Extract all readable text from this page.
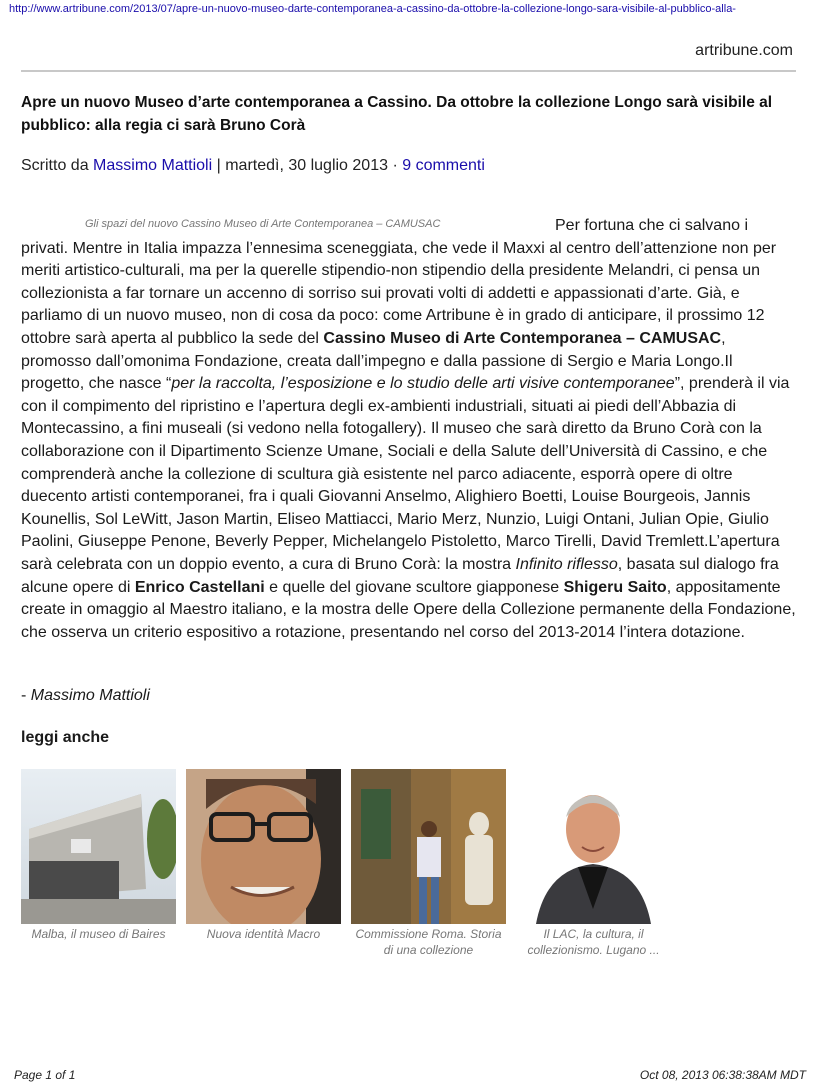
http://www.artribune.com/2013/07/apre-un-nuovo-museo-darte-contemporanea-a-cassino-da-ottobre-la-collezione-longo-sara-visibile-al-pubblico-alla-
artribune.com
Apre un nuovo Museo d’arte contemporanea a Cassino. Da ottobre la collezione Longo sarà visibile al pubblico: alla regia ci sarà Bruno Corà
Scritto da Massimo Mattioli | martedì, 30 luglio 2013 · 9 commenti
Gli spazi del nuovo Cassino Museo di Arte Contemporanea – CAMUSAC	Per fortuna che ci salvano i privati. Mentre in Italia impazza l’ennesima sceneggiata, che vede il Maxxi al centro dell’attenzione non per meriti artistico-culturali, ma per la querelle stipendio-non stipendio della presidente Melandri, ci pensa un collezionista a far tornare un accenno di sorriso sui provati volti di addetti e appassionati d’arte. Già, e parliamo di un nuovo museo, non di cosa da poco: come Artribune è in grado di anticipare, il prossimo 12 ottobre sarà aperta al pubblico la sede del Cassino Museo di Arte Contemporanea – CAMUSAC, promosso dall’omonima Fondazione, creata dall’impegno e dalla passione di Sergio e Maria Longo.Il progetto, che nasce “per la raccolta, l’esposizione e lo studio delle arti visive contemporanee”, prenderà il via con il compimento del ripristino e l’apertura degli ex-ambienti industriali, situati ai piedi dell’Abbazia di Montecassino, a fini museali (si vedono nella fotogallery). Il museo che sarà diretto da Bruno Corà con la collaborazione con il Dipartimento Scienze Umane, Sociali e della Salute dell’Università di Cassino, e che comprenderà anche la collezione di scultura già esistente nel parco adiacente, esporrà opere di oltre duecento artisti contemporanei, fra i quali Giovanni Anselmo, Alighiero Boetti, Louise Bourgeois, Jannis Kounellis, Sol LeWitt, Jason Martin, Eliseo Mattiacci, Mario Merz, Nunzio, Luigi Ontani, Julian Opie, Giulio Paolini, Giuseppe Penone, Beverly Pepper, Michelangelo Pistoletto, Marco Tirelli, David Tremlett.L’apertura sarà celebrata con un doppio evento, a cura di Bruno Corà: la mostra Infinito riflesso, basata sul dialogo fra alcune opere di Enrico Castellani e quelle del giovane scultore giapponese Shigeru Saito, appositamente create in omaggio al Maestro italiano, e la mostra delle Opere della Collezione permanente della Fondazione, che osserva un criterio espositivo a rotazione, presentando nel corso del 2013-2014 l’intera dotazione.
- Massimo Mattioli
leggi anche
Malba, il museo di Baires	Nuova identità Macro	Commissione Roma. Storia di una collezione
Il LAC, la cultura, il collezionismo. Lugano ...
Page 1 of 1	Oct 08, 2013 06:38:38AM MDT
